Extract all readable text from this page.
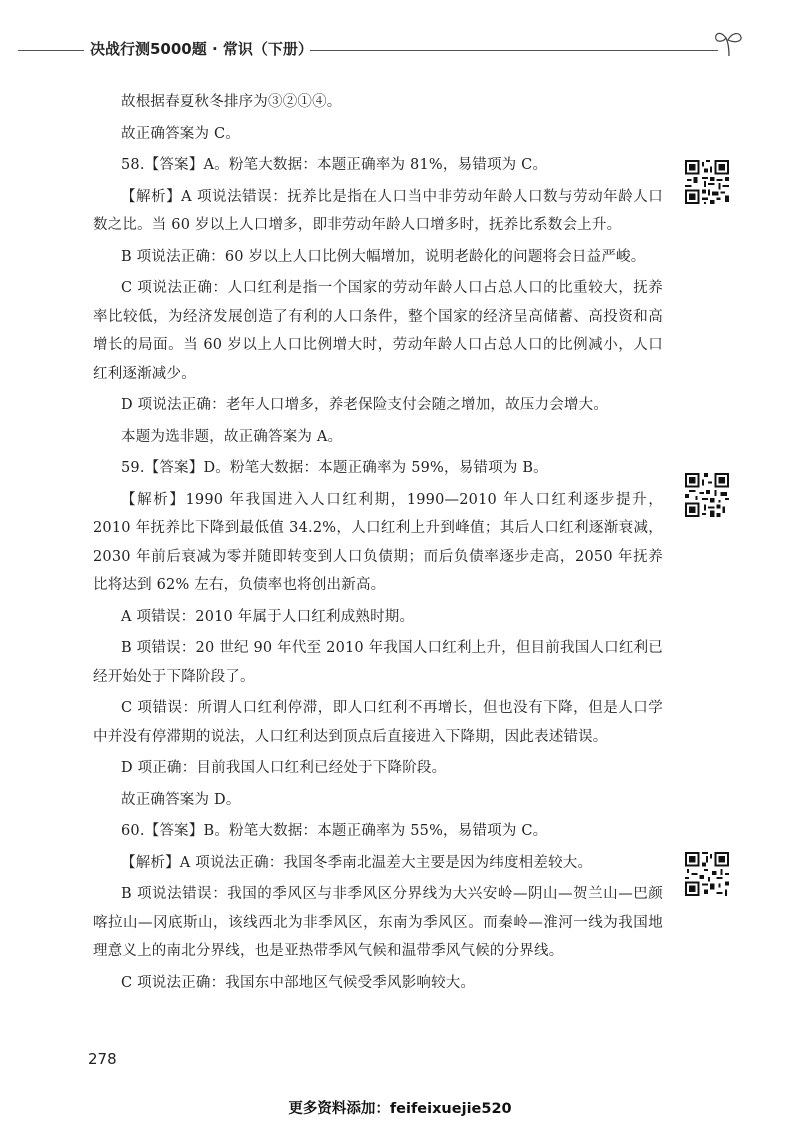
决战行测5000题 · 常识（下册）

故根据春夏秋冬排序为③②①④。

故正确答案为 C。

58.【答案】A。粉笔大数据：本题正确率为 81%，易错项为 C。

【解析】A 项说法错误：抚养比是指在人口当中非劳动年龄人口数与劳动年龄人口数之比。当 60 岁以上人口增多，即非劳动年龄人口增多时，抚养比系数会上升。

B 项说法正确：60 岁以上人口比例大幅增加，说明老龄化的问题将会日益严峻。

C 项说法正确：人口红利是指一个国家的劳动年龄人口占总人口的比重较大，抚养率比较低，为经济发展创造了有利的人口条件，整个国家的经济呈高储蓄、高投资和高增长的局面。当 60 岁以上人口比例增大时，劳动年龄人口占总人口的比例减小，人口红利逐渐减少。

D 项说法正确：老年人口增多，养老保险支付会随之增加，故压力会增大。

本题为选非题，故正确答案为 A。

59.【答案】D。粉笔大数据：本题正确率为 59%，易错项为 B。

【解析】1990 年我国进入人口红利期，1990—2010 年人口红利逐步提升，2010 年抚养比下降到最低值 34.2%，人口红利上升到峰值；其后人口红利逐渐衰减，2030 年前后衰减为零并随即转变到人口负债期；而后负债率逐步走高，2050 年抚养比将达到 62% 左右，负债率也将创出新高。

A 项错误：2010 年属于人口红利成熟时期。

B 项错误：20 世纪 90 年代至 2010 年我国人口红利上升，但目前我国人口红利已经开始处于下降阶段了。

C 项错误：所谓人口红利停滞，即人口红利不再增长，但也没有下降，但是人口学中并没有停滞期的说法，人口红利达到顶点后直接进入下降期，因此表述错误。

D 项正确：目前我国人口红利已经处于下降阶段。

故正确答案为 D。

60.【答案】B。粉笔大数据：本题正确率为 55%，易错项为 C。

【解析】A 项说法正确：我国冬季南北温差大主要是因为纬度相差较大。

B 项说法错误：我国的季风区与非季风区分界线为大兴安岭—阴山—贺兰山—巴颜喀拉山—冈底斯山，该线西北为非季风区，东南为季风区。而秦岭—淮河一线为我国地理意义上的南北分界线，也是亚热带季风气候和温带季风气候的分界线。

C 项说法正确：我国东中部地区气候受季风影响较大。

278
更多资料添加：feifeixuejie520
